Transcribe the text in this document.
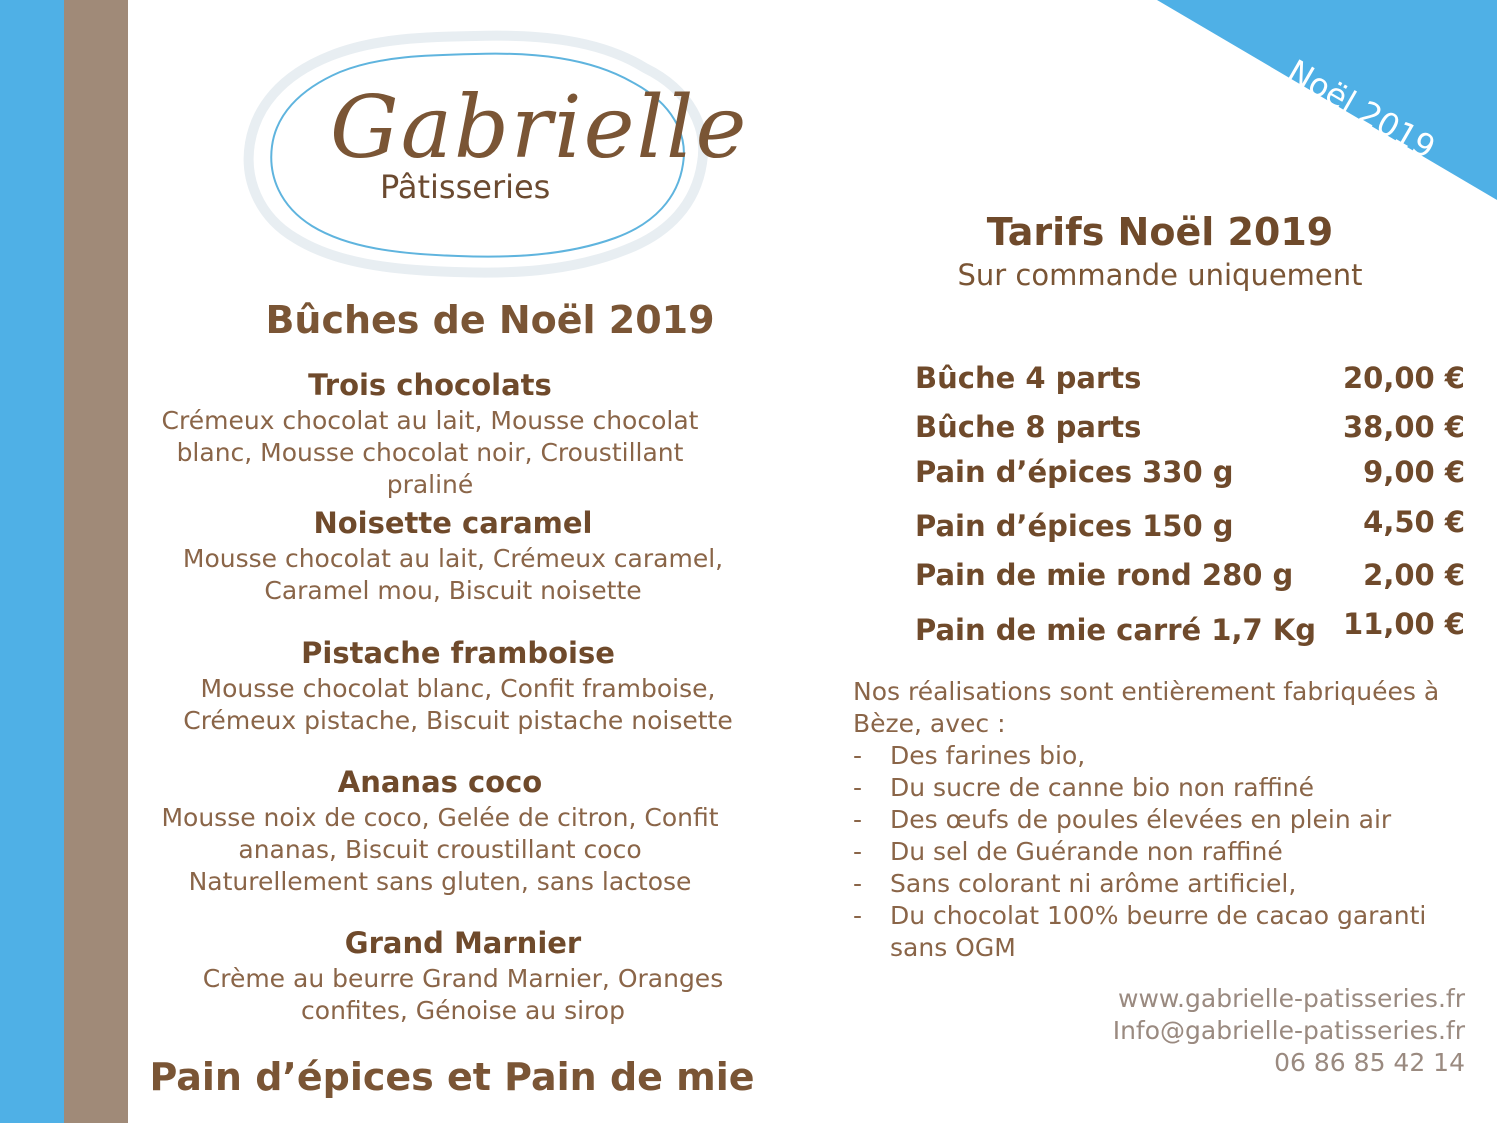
Noël 2019
Gabrielle
Pâtisseries
Bûches de Noël 2019
Trois chocolats
Crémeux chocolat au lait, Mousse chocolat
blanc, Mousse chocolat noir, Croustillant
praliné
Noisette caramel
Mousse chocolat au lait, Crémeux caramel,
Caramel mou, Biscuit noisette
Pistache framboise
Mousse chocolat blanc, Confit framboise,
Crémeux pistache, Biscuit pistache noisette
Ananas coco
Mousse noix de coco, Gelée de citron, Confit
ananas, Biscuit croustillant coco
Naturellement sans gluten, sans lactose
Grand Marnier
Crème au beurre Grand Marnier, Oranges
confites, Génoise au sirop
Pain d’épices et Pain de mie
Tarifs Noël 2019
Sur commande uniquement
Bûche 4 parts	20,00 €
Bûche 8 parts	38,00 €
Pain d’épices 330 g	9,00 €
Pain d’épices 150 g	4,50 €
Pain de mie rond 280 g 2,00 €
Pain de mie carré 1,7 Kg 11,00 €
Nos réalisations sont entièrement fabriquées à
Bèze, avec :
- Des farines bio,
- Du sucre de canne bio non raffiné
- Des œufs de poules élevées en plein air
- Du sel de Guérande non raffiné
- Sans colorant ni arôme artificiel,
- Du chocolat 100% beurre de cacao garanti
sans OGM
www.gabrielle-patisseries.fr
Info@gabrielle-patisseries.fr
06 86 85 42 14
